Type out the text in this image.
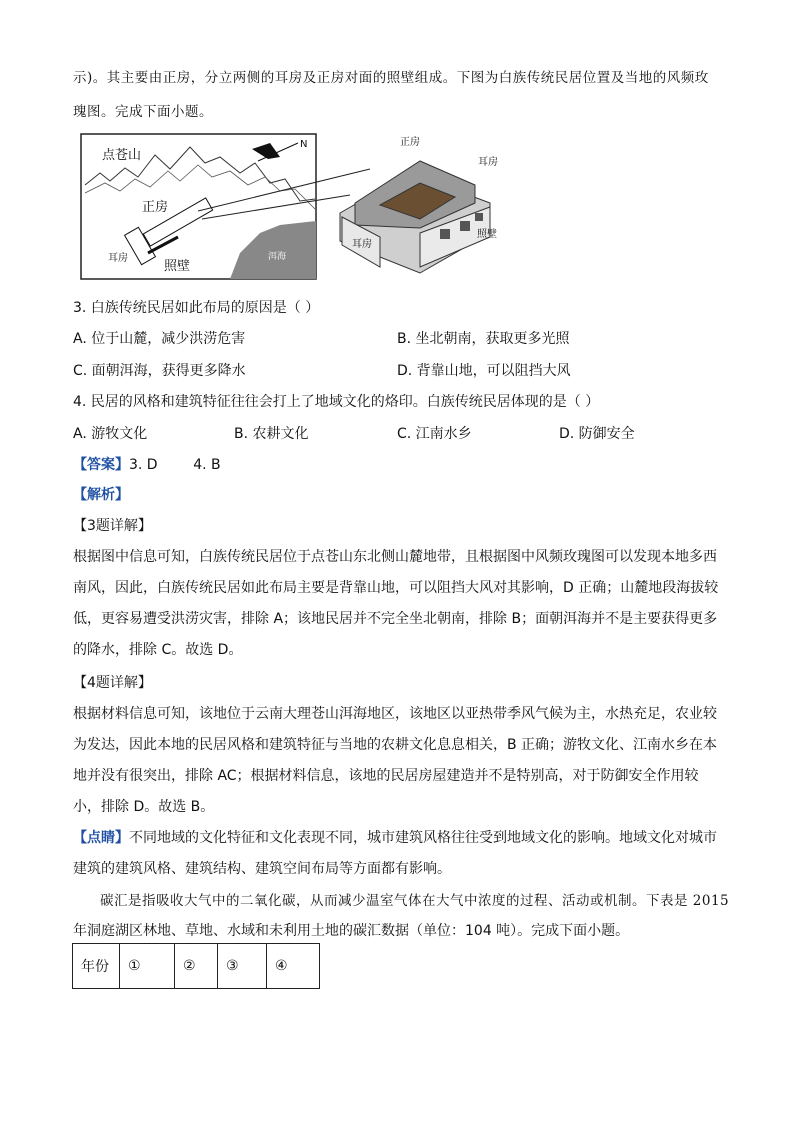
示)。其主要由正房，分立两侧的耳房及正房对面的照壁组成。下图为白族传统民居位置及当地的风频玫
瑰图。完成下面小题。
点苍山
N
洱海
正房
耳房
照壁
正房
耳房
耳房
照壁
3. 白族传统民居如此布局的原因是（ ）
A. 位于山麓，减少洪涝危害	B. 坐北朝南，获取更多光照
C. 面朝洱海，获得更多降水	D. 背靠山地，可以阻挡大风
4. 民居的风格和建筑特征往往会打上了地域文化的烙印。白族传统民居体现的是（ ）
A. 游牧文化	B. 农耕文化	C. 江南水乡	D. 防御安全
【答案】3. D        4. B
【解析】
【3题详解】
根据图中信息可知，白族传统民居位于点苍山东北侧山麓地带，且根据图中风频玫瑰图可以发现本地多西
南风，因此，白族传统民居如此布局主要是背靠山地，可以阻挡大风对其影响，D 正确；山麓地段海拔较
低，更容易遭受洪涝灾害，排除 A；该地民居并不完全坐北朝南，排除 B；面朝洱海并不是主要获得更多
的降水，排除 C。故选 D。
【4题详解】
根据材料信息可知，该地位于云南大理苍山洱海地区，该地区以亚热带季风气候为主，水热充足，农业较
为发达，因此本地的民居风格和建筑特征与当地的农耕文化息息相关，B 正确；游牧文化、江南水乡在本
地并没有很突出，排除 AC；根据材料信息，该地的民居房屋建造并不是特别高，对于防御安全作用较
小，排除 D。故选 B。
【点睛】不同地域的文化特征和文化表现不同，城市建筑风格往往受到地域文化的影响。地域文化对城市
建筑的建筑风格、建筑结构、建筑空间布局等方面都有影响。
碳汇是指吸收大气中的二氧化碳，从而减少温室气体在大气中浓度的过程、活动或机制。下表是 2015
年洞庭湖区林地、草地、水域和未利用土地的碳汇数据（单位：104 吨）。完成下面小题。
年份	①	②	③	④
